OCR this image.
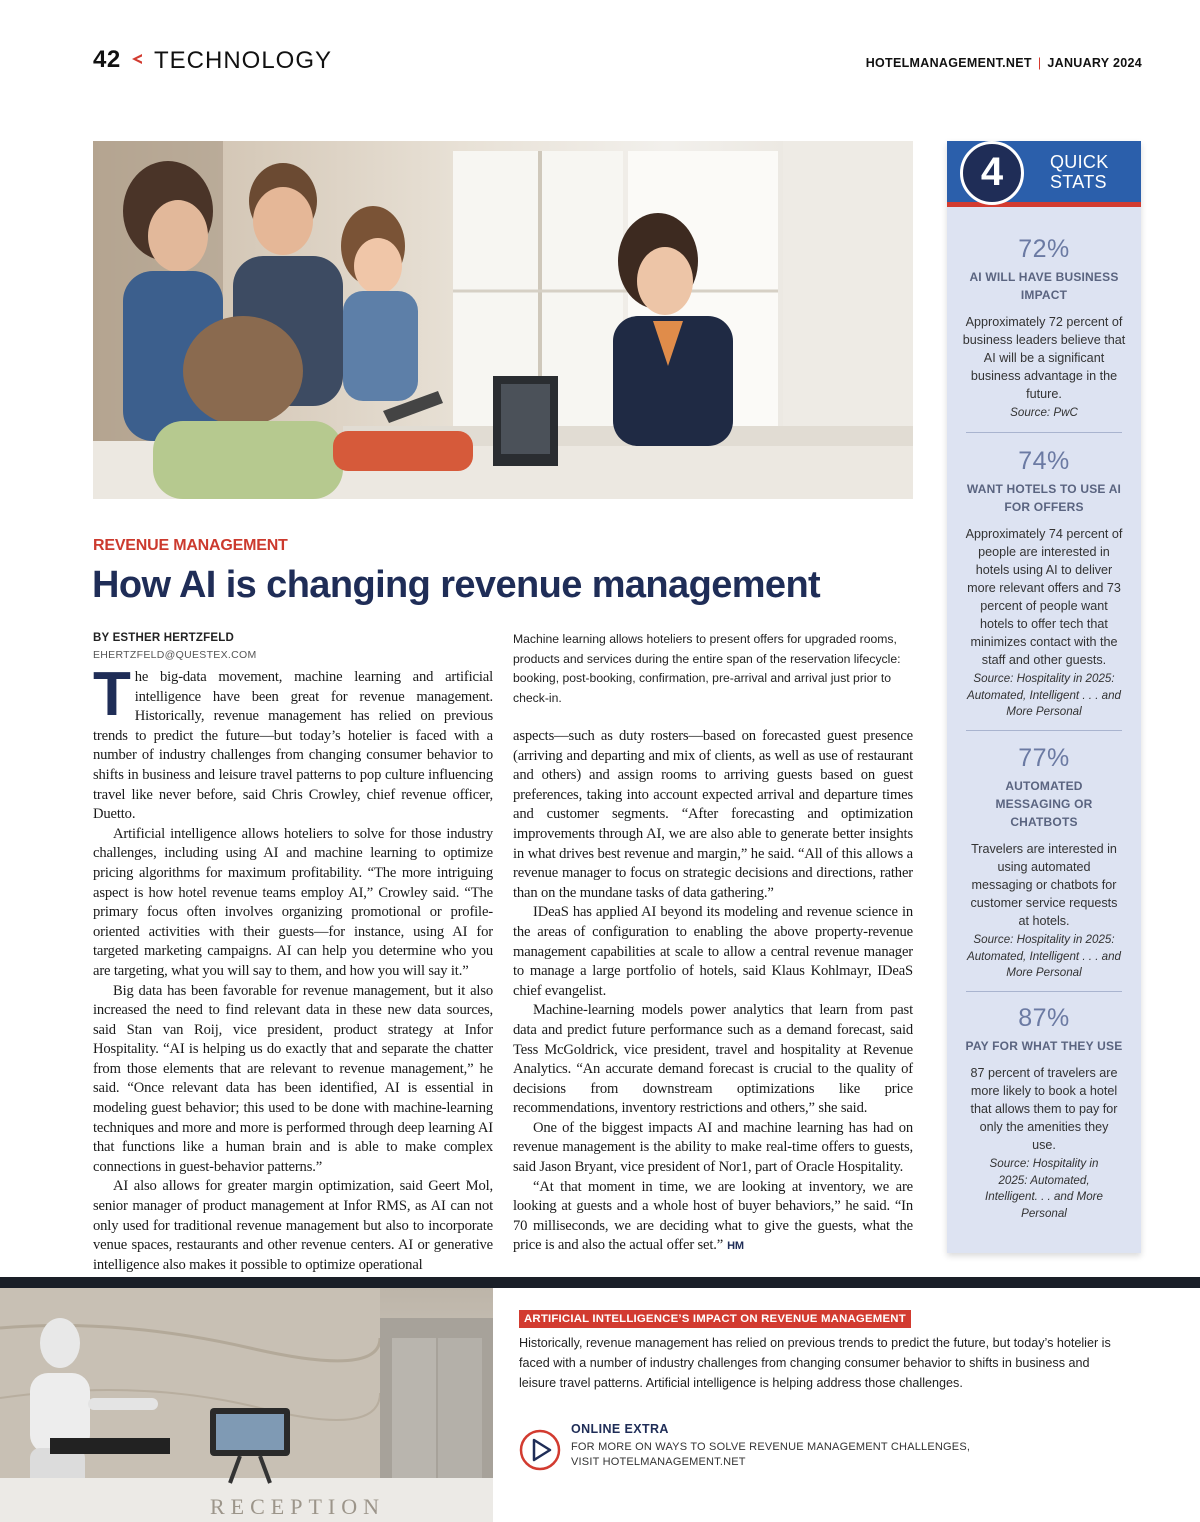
42 TECHNOLOGY	HOTELMANAGEMENT.NET | JANUARY 2024
REVENUE MANAGEMENT
How AI is changing revenue management
BY ESTHER HERTZFELD
EHERTZFELD@QUESTEX.COM

The big-data movement, machine learning and artificial intelligence have been great for revenue management. Historically, revenue management has relied on previous trends to predict the future—but today’s hotelier is faced with a number of industry challenges from changing consumer behavior to shifts in business and leisure travel patterns to pop culture influencing travel like never before, said Chris Crowley, chief revenue officer, Duetto.

Artificial intelligence allows hoteliers to solve for those industry challenges, including using AI and machine learning to optimize pricing algorithms for maximum profitability. “The more intriguing aspect is how hotel revenue teams employ AI,” Crowley said. “The primary focus often involves organizing promotional or profile-oriented activities with their guests—for instance, using AI for targeted marketing campaigns. AI can help you determine who you are targeting, what you will say to them, and how you will say it.”

Big data has been favorable for revenue management, but it also increased the need to find relevant data in these new data sources, said Stan van Roij, vice president, product strategy at Infor Hospitality. “AI is helping us do exactly that and separate the chatter from those elements that are relevant to revenue management,” he said. “Once relevant data has been identified, AI is essential in modeling guest behavior; this used to be done with machine-learning techniques and more and more is performed through deep learning AI that functions like a human brain and is able to make complex connections in guest-behavior patterns.”

AI also allows for greater margin optimization, said Geert Mol, senior manager of product management at Infor RMS, as AI can not only used for traditional revenue management but also to incorporate venue spaces, restaurants and other revenue centers. AI or generative intelligence also makes it possible to optimize operational

Machine learning allows hoteliers to present offers for upgraded rooms, products and services during the entire span of the reservation lifecycle: booking, post-booking, confirmation, pre-arrival and arrival just prior to check-in.

aspects—such as duty rosters—based on forecasted guest presence (arriving and departing and mix of clients, as well as use of restaurant and others) and assign rooms to arriving guests based on guest preferences, taking into account expected arrival and departure times and customer segments. “After forecasting and optimization improvements through AI, we are also able to generate better insights in what drives best revenue and margin,” he said. “All of this allows a revenue manager to focus on strategic decisions and directions, rather than on the mundane tasks of data gathering.”

IDeaS has applied AI beyond its modeling and revenue science in the areas of configuration to enabling the above property-revenue management capabilities at scale to allow a central revenue manager to manage a large portfolio of hotels, said Klaus Kohlmayr, IDeaS chief evangelist.

Machine-learning models power analytics that learn from past data and predict future performance such as a demand forecast, said Tess McGoldrick, vice president, travel and hospitality at Revenue Analytics. “An accurate demand forecast is crucial to the quality of decisions from downstream optimizations like price recommendations, inventory restrictions and others,” she said.

One of the biggest impacts AI and machine learning has had on revenue management is the ability to make real-time offers to guests, said Jason Bryant, vice president of Nor1, part of Oracle Hospitality.

“At that moment in time, we are looking at inventory, we are looking at guests and a whole host of buyer behaviors,” he said. “In 70 milliseconds, we are deciding what to give the guests, what the price is and also the actual offer set.” HM

4	QUICK STATS
72%
AI WILL HAVE BUSINESS IMPACT
Approximately 72 percent of business leaders believe that AI will be a significant business advantage in the future.
Source: PwC
74%
WANT HOTELS TO USE AI FOR OFFERS
Approximately 74 percent of people are interested in hotels using AI to deliver more relevant offers and 73 percent of people want hotels to offer tech that minimizes contact with the staff and other guests.
Source: Hospitality in 2025: Automated, Intelligent . . . and More Personal
77%
AUTOMATED MESSAGING OR CHATBOTS
Travelers are interested in using automated messaging or chatbots for customer service requests at hotels.
Source: Hospitality in 2025: Automated, Intelligent . . . and More Personal
87%
PAY FOR WHAT THEY USE
87 percent of travelers are more likely to book a hotel that allows them to pay for only the amenities they use.
Source: Hospitality in 2025: Automated, Intelligent. . . and More Personal
RECEPTION
ARTIFICIAL INTELLIGENCE’S IMPACT ON REVENUE MANAGEMENT
Historically, revenue management has relied on previous trends to predict the future, but today’s hotelier is faced with a number of industry challenges from changing consumer behavior to shifts in business and leisure travel patterns. Artificial intelligence is helping address those challenges.
ONLINE EXTRA
FOR MORE ON WAYS TO SOLVE REVENUE MANAGEMENT CHALLENGES, VISIT HOTELMANAGEMENT.NET
